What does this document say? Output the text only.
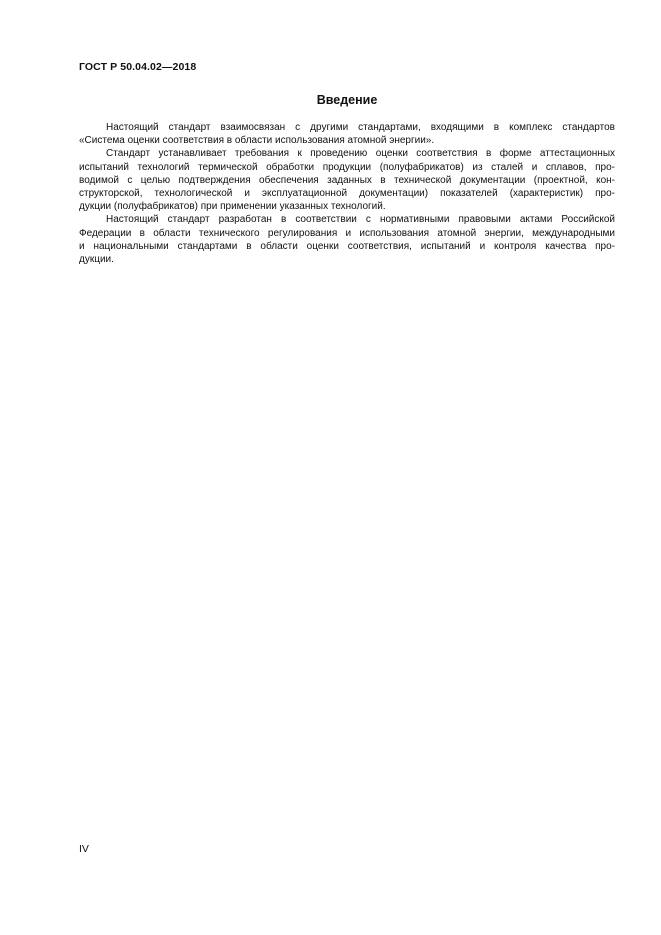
ГОСТ Р 50.04.02—2018
Введение
Настоящий стандарт взаимосвязан с другими стандартами, входящими в комплекс стандартов
«Система оценки соответствия в области использования атомной энергии».
Стандарт устанавливает требования к проведению оценки соответствия в форме аттестационных
испытаний технологий термической обработки продукции (полуфабрикатов) из сталей и сплавов, про-
водимой с целью подтверждения обеспечения заданных в технической документации (проектной, кон-
структорской, технологической и эксплуатационной документации) показателей (характеристик) про-
дукции (полуфабрикатов) при применении указанных технологий.
Настоящий стандарт разработан в соответствии с нормативными правовыми актами Российской
Федерации в области технического регулирования и использования атомной энергии, международными
и национальными стандартами в области оценки соответствия, испытаний и контроля качества про-
дукции.
IV
